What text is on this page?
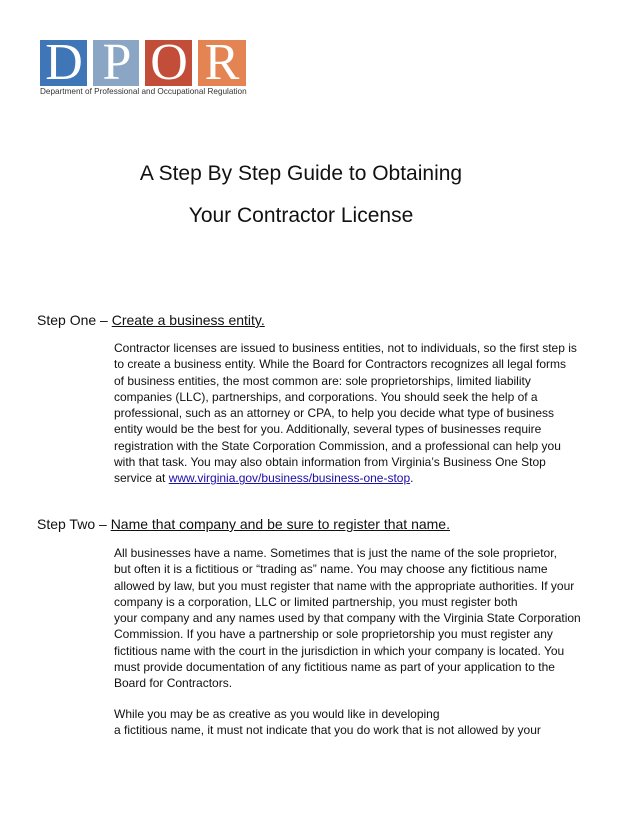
D P O R
Department of Professional and Occupational Regulation
A Step By Step Guide to Obtaining
Your Contractor License
Step One – Create a business entity.
Contractor licenses are issued to business entities, not to individuals, so the first step is
to create a business entity. While the Board for Contractors recognizes all legal forms
of business entities, the most common are: sole proprietorships, limited liability
companies (LLC), partnerships, and corporations. You should seek the help of a
professional, such as an attorney or CPA, to help you decide what type of business
entity would be the best for you. Additionally, several types of businesses require
registration with the State Corporation Commission, and a professional can help you
with that task. You may also obtain information from Virginia’s Business One Stop
service at www.virginia.gov/business/business-one-stop.
Step Two – Name that company and be sure to register that name.
All businesses have a name. Sometimes that is just the name of the sole proprietor,
but often it is a fictitious or “trading as” name. You may choose any fictitious name
allowed by law, but you must register that name with the appropriate authorities. If your
company is a corporation, LLC or limited partnership, you must register both
your company and any names used by that company with the Virginia State Corporation
Commission. If you have a partnership or sole proprietorship you must register any
fictitious name with the court in the jurisdiction in which your company is located. You
must provide documentation of any fictitious name as part of your application to the
Board for Contractors.
While you may be as creative as you would like in developing
a fictitious name, it must not indicate that you do work that is not allowed by your
